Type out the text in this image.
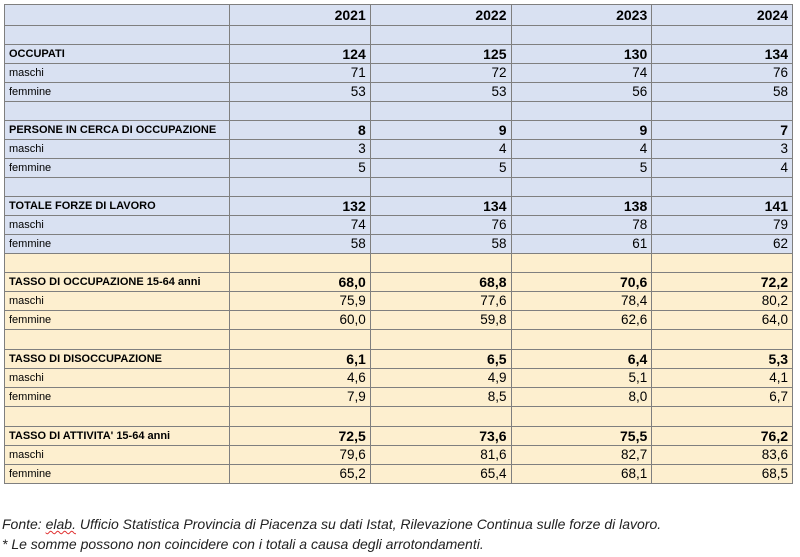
	2021	2022	2023	2024

OCCUPATI	124	125	130	134
maschi	71	72	74	76
femmine	53	53	56	58

PERSONE IN CERCA DI OCCUPAZIONE	8	9	9	7
maschi	3	4	4	3
femmine	5	5	5	4

TOTALE FORZE DI LAVORO	132	134	138	141
maschi	74	76	78	79
femmine	58	58	61	62

TASSO DI OCCUPAZIONE 15-64 anni	68,0	68,8	70,6	72,2
maschi	75,9	77,6	78,4	80,2
femmine	60,0	59,8	62,6	64,0

TASSO DI DISOCCUPAZIONE	6,1	6,5	6,4	5,3
maschi	4,6	4,9	5,1	4,1
femmine	7,9	8,5	8,0	6,7

TASSO DI ATTIVITA' 15-64 anni	72,5	73,6	75,5	76,2
maschi	79,6	81,6	82,7	83,6
femmine	65,2	65,4	68,1	68,5
Fonte: elab. Ufficio Statistica Provincia di Piacenza su dati Istat, Rilevazione Continua sulle forze di lavoro.
* Le somme possono non coincidere con i totali a causa degli arrotondamenti.
